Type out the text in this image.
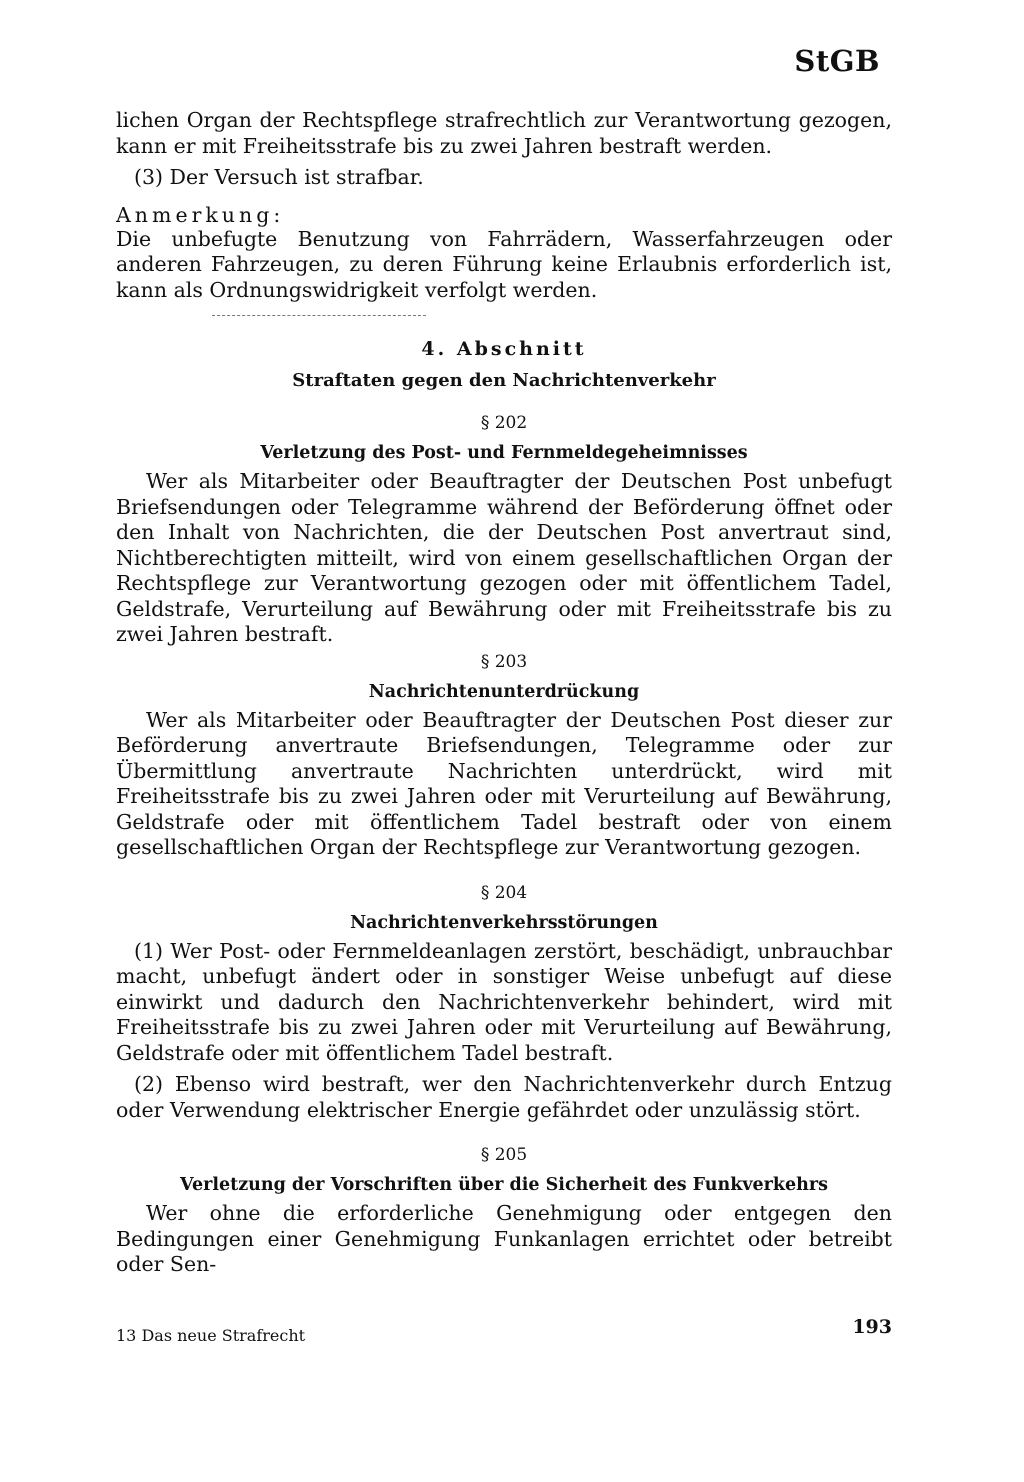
StGB

lichen Organ der Rechtspflege strafrechtlich zur Verantwortung gezogen, kann er mit Freiheitsstrafe bis zu zwei Jahren bestraft werden.

(3) Der Versuch ist strafbar.

Anmerkung:

Die unbefugte Benutzung von Fahrrädern, Wasserfahrzeugen oder anderen Fahrzeugen, zu deren Führung keine Erlaubnis erforderlich ist, kann als Ordnungswidrigkeit verfolgt werden.

4. Abschnitt
Straftaten gegen den Nachrichtenverkehr
§ 202
Verletzung des Post- und Fernmeldegeheimnisses

Wer als Mitarbeiter oder Beauftragter der Deutschen Post unbefugt Briefsendungen oder Telegramme während der Beförderung öffnet oder den Inhalt von Nachrichten, die der Deutschen Post anvertraut sind, Nichtberechtigten mitteilt, wird von einem gesellschaftlichen Organ der Rechtspflege zur Verantwortung gezogen oder mit öffentlichem Tadel, Geldstrafe, Verurteilung auf Bewährung oder mit Freiheitsstrafe bis zu zwei Jahren bestraft.

§ 203
Nachrichtenunterdrückung

Wer als Mitarbeiter oder Beauftragter der Deutschen Post dieser zur Beförderung anvertraute Briefsendungen, Telegramme oder zur Übermittlung anvertraute Nachrichten unterdrückt, wird mit Freiheitsstrafe bis zu zwei Jahren oder mit Verurteilung auf Bewährung, Geldstrafe oder mit öffentlichem Tadel bestraft oder von einem gesellschaftlichen Organ der Rechtspflege zur Verantwortung gezogen.

§ 204
Nachrichtenverkehrsstörungen

(1) Wer Post- oder Fernmeldeanlagen zerstört, beschädigt, unbrauchbar macht, unbefugt ändert oder in sonstiger Weise unbefugt auf diese einwirkt und dadurch den Nachrichtenverkehr behindert, wird mit Freiheitsstrafe bis zu zwei Jahren oder mit Verurteilung auf Bewährung, Geldstrafe oder mit öffentlichem Tadel bestraft.

(2) Ebenso wird bestraft, wer den Nachrichtenverkehr durch Entzug oder Verwendung elektrischer Energie gefährdet oder unzulässig stört.

§ 205
Verletzung der Vorschriften über die Sicherheit des Funkverkehrs

Wer ohne die erforderliche Genehmigung oder entgegen den Bedingungen einer Genehmigung Funkanlagen errichtet oder betreibt oder Sen-

13 Das neue Strafrecht	193
